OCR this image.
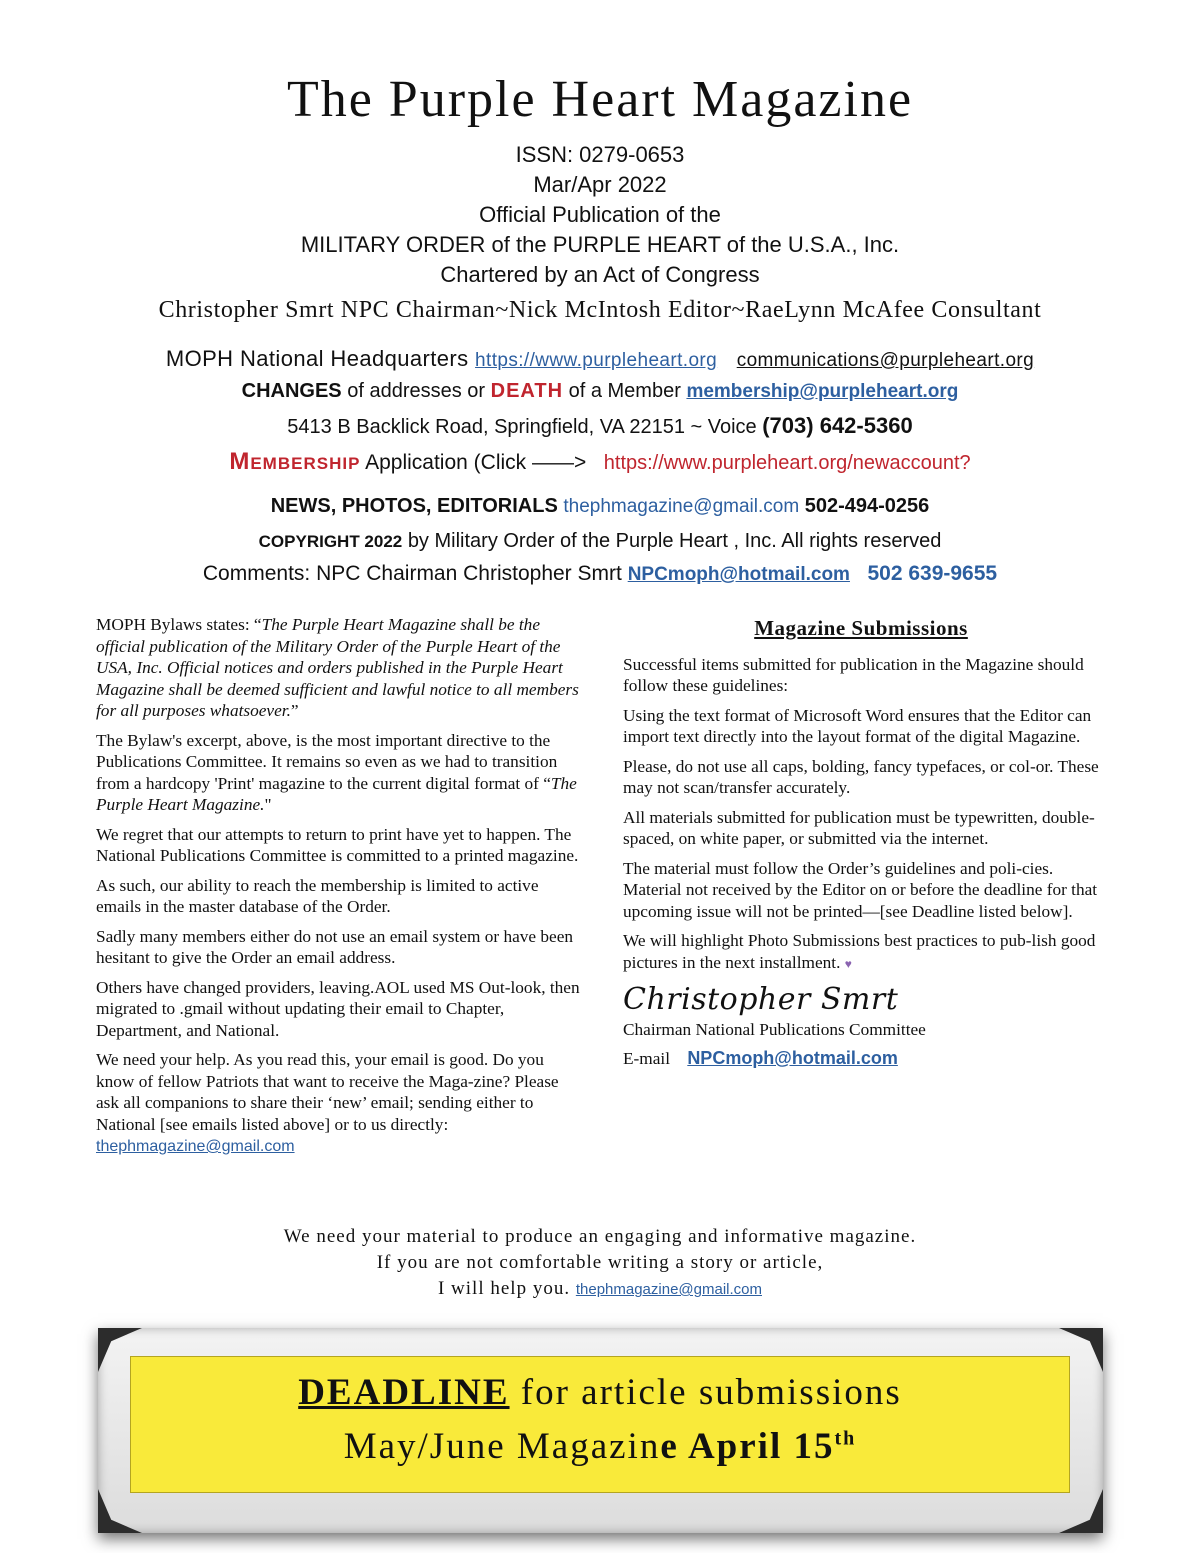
The Purple Heart Magazine
ISSN: 0279-0653
Mar/Apr 2022
Official Publication of the
MILITARY ORDER of the PURPLE HEART of the U.S.A., Inc.
Chartered by an Act of Congress
Christopher Smrt NPC Chairman~Nick McIntosh Editor~RaeLynn McAfee Consultant
MOPH National Headquarters https://www.purpleheart.org communications@purpleheart.org
CHANGES of addresses or DEATH of a Member membership@purpleheart.org
5413 B Backlick Road, Springfield, VA 22151 ~ Voice (703) 642-5360
Membership Application (Click ——> https://www.purpleheart.org/newaccount?
NEWS, PHOTOS, EDITORIALS thephmagazine@gmail.com 502-494-0256
COPYRIGHT 2022 by Military Order of the Purple Heart , Inc. All rights reserved
Comments: NPC Chairman Christopher Smrt NPCmoph@hotmail.com 502 639-9655

MOPH Bylaws states: “The Purple Heart Magazine shall be the official publication of the Military Order of the Purple Heart of the USA, Inc. Official notices and orders published in the Purple Heart Magazine shall be deemed sufficient and lawful notice to all members for all purposes whatsoever.”

The Bylaw's excerpt, above, is the most important directive to the Publications Committee. It remains so even as we had to transition from a hardcopy 'Print' magazine to the current digital format of “The Purple Heart Magazine."

We regret that our attempts to return to print have yet to happen. The National Publications Committee is committed to a printed magazine.

As such, our ability to reach the membership is limited to active emails in the master database of the Order.

Sadly many members either do not use an email system or have been hesitant to give the Order an email address.

Others have changed providers, leaving.AOL used MS Out-look, then migrated to .gmail without updating their email to Chapter, Department, and National.

We need your help. As you read this, your email is good. Do you know of fellow Patriots that want to receive the Maga-zine? Please ask all companions to share their ‘new’ email; sending either to National [see emails listed above] or to us directly: thephmagazine@gmail.com

Magazine Submissions

Successful items submitted for publication in the Magazine should follow these guidelines:

Using the text format of Microsoft Word ensures that the Editor can import text directly into the layout format of the digital Magazine.

Please, do not use all caps, bolding, fancy typefaces, or col-or. These may not scan/transfer accurately.

All materials submitted for publication must be typewritten, double-spaced, on white paper, or submitted via the internet.

The material must follow the Order’s guidelines and poli-cies. Material not received by the Editor on or before the deadline for that upcoming issue will not be printed—[see Deadline listed below].

We will highlight Photo Submissions best practices to pub-lish good pictures in the next installment. ♥

Christopher Smrt

Chairman National Publications Committee

E-mail NPCmoph@hotmail.com

We need your material to produce an engaging and informative magazine.
If you are not comfortable writing a story or article,
I will help you. thephmagazine@gmail.com
DEADLINE for article submissions
May/June Magazine April 15th
